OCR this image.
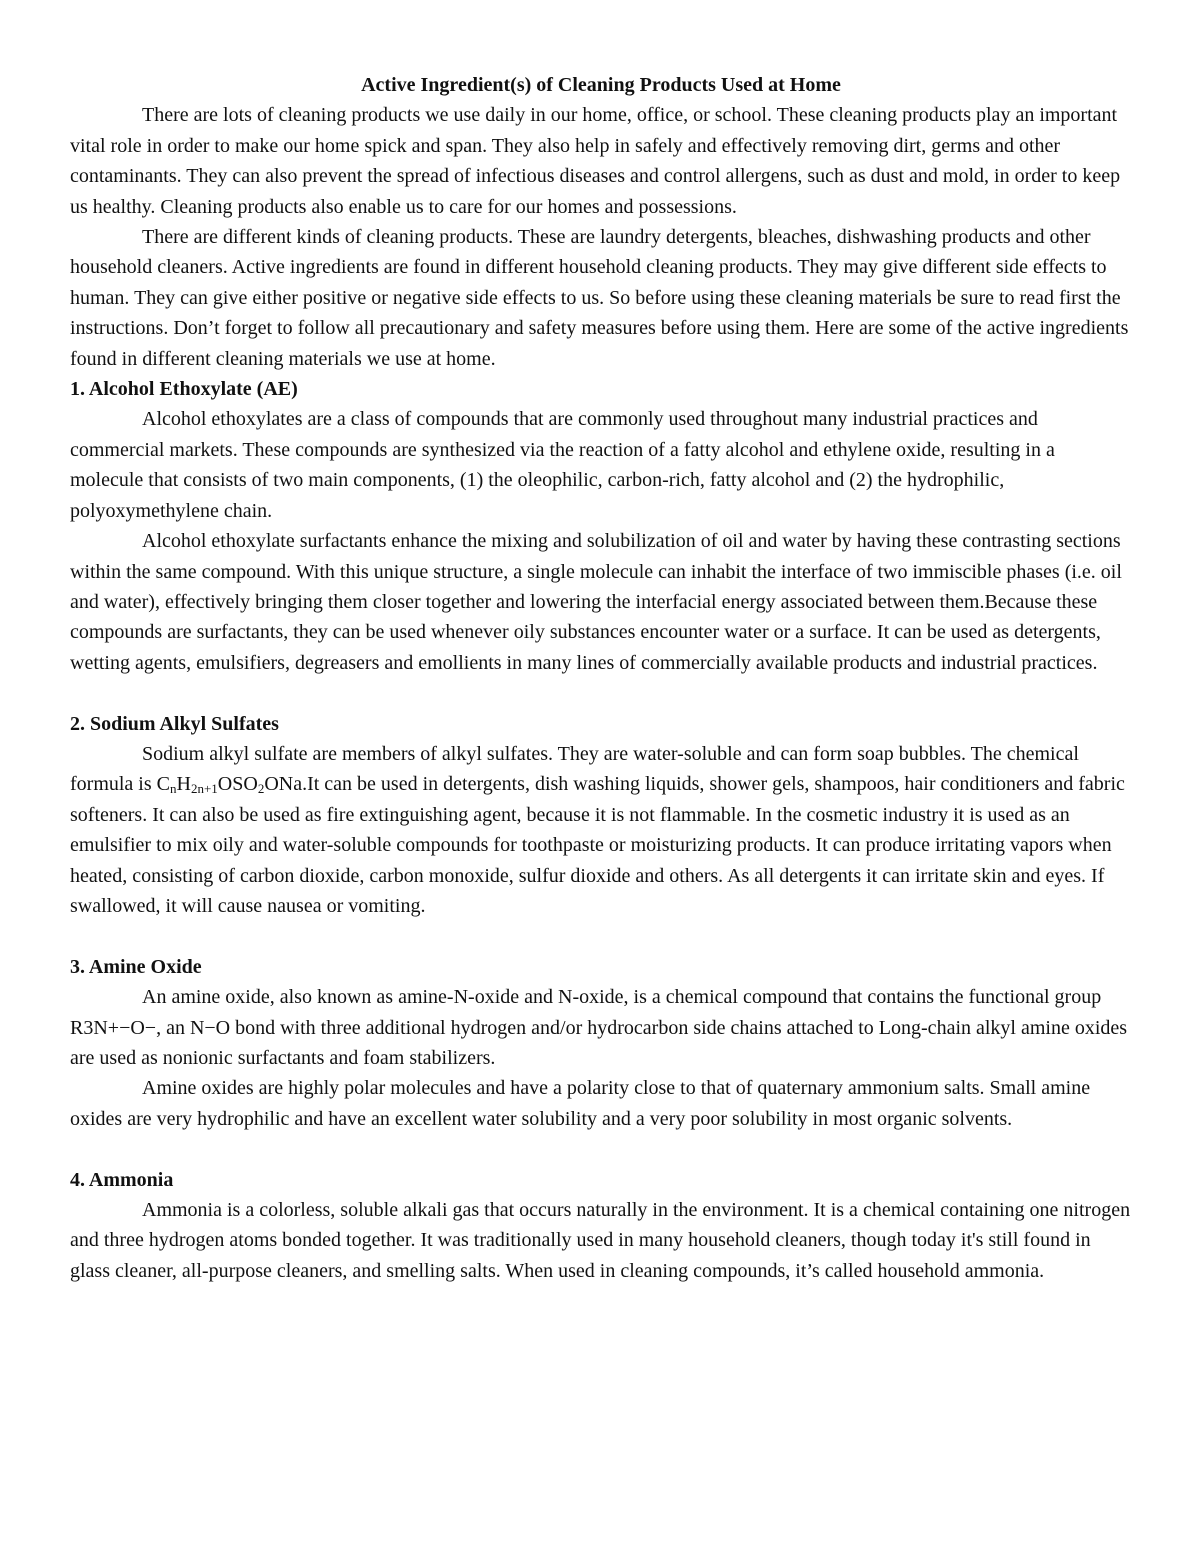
Active Ingredient(s) of Cleaning Products Used at Home

There are lots of cleaning products we use daily in our home, office, or school. These cleaning products play an important vital role in order to make our home spick and span. They also help in safely and effectively removing dirt, germs and other contaminants. They can also prevent the spread of infectious diseases and control allergens, such as dust and mold, in order to keep us healthy. Cleaning products also enable us to care for our homes and possessions.

There are different kinds of cleaning products. These are laundry detergents, bleaches, dishwashing products and other household cleaners. Active ingredients are found in different household cleaning products. They may give different side effects to human. They can give either positive or negative side effects to us. So before using these cleaning materials be sure to read first the instructions. Don’t forget to follow all precautionary and safety measures before using them. Here are some of the active ingredients found in different cleaning materials we use at home.

1. Alcohol Ethoxylate (AE)

Alcohol ethoxylates are a class of compounds that are commonly used throughout many industrial practices and commercial markets. These compounds are synthesized via the reaction of a fatty alcohol and ethylene oxide, resulting in a molecule that consists of two main components, (1) the oleophilic, carbon-rich, fatty alcohol and (2) the hydrophilic, polyoxymethylene chain.

Alcohol ethoxylate surfactants enhance the mixing and solubilization of oil and water by having these contrasting sections within the same compound. With this unique structure, a single molecule can inhabit the interface of two immiscible phases (i.e. oil and water), effectively bringing them closer together and lowering the interfacial energy associated between them.Because these compounds are surfactants, they can be used whenever oily substances encounter water or a surface. It can be used as detergents, wetting agents, emulsifiers, degreasers and emollients in many lines of commercially available products and industrial practices.

2. Sodium Alkyl Sulfates

Sodium alkyl sulfate are members of alkyl sulfates. They are water-soluble and can form soap bubbles. The chemical formula is $C_nH_{2n+1}OSO_2ONa.It$ can be used in detergents, dish washing liquids, shower gels, shampoos, hair conditioners and fabric softeners. It can also be used as fire extinguishing agent, because it is not flammable. In the cosmetic industry it is used as an emulsifier to mix oily and water-soluble compounds for toothpaste or moisturizing products. It can produce irritating vapors when heated, consisting of carbon dioxide, carbon monoxide, sulfur dioxide and others. As all detergents it can irritate skin and eyes. If swallowed, it will cause nausea or vomiting.

3. Amine Oxide

An amine oxide, also known as amine-N-oxide and N-oxide, is a chemical compound that contains the functional group R3N+−O−, an N−O bond with three additional hydrogen and/or hydrocarbon side chains attached to Long-chain alkyl amine oxides are used as nonionic surfactants and foam stabilizers.

Amine oxides are highly polar molecules and have a polarity close to that of quaternary ammonium salts. Small amine oxides are very hydrophilic and have an excellent water solubility and a very poor solubility in most organic solvents.

4. Ammonia

Ammonia is a colorless, soluble alkali gas that occurs naturally in the environment. It is a chemical containing one nitrogen and three hydrogen atoms bonded together. It was traditionally used in many household cleaners, though today it's still found in glass cleaner, all-purpose cleaners, and smelling salts. When used in cleaning compounds, it’s called household ammonia.
